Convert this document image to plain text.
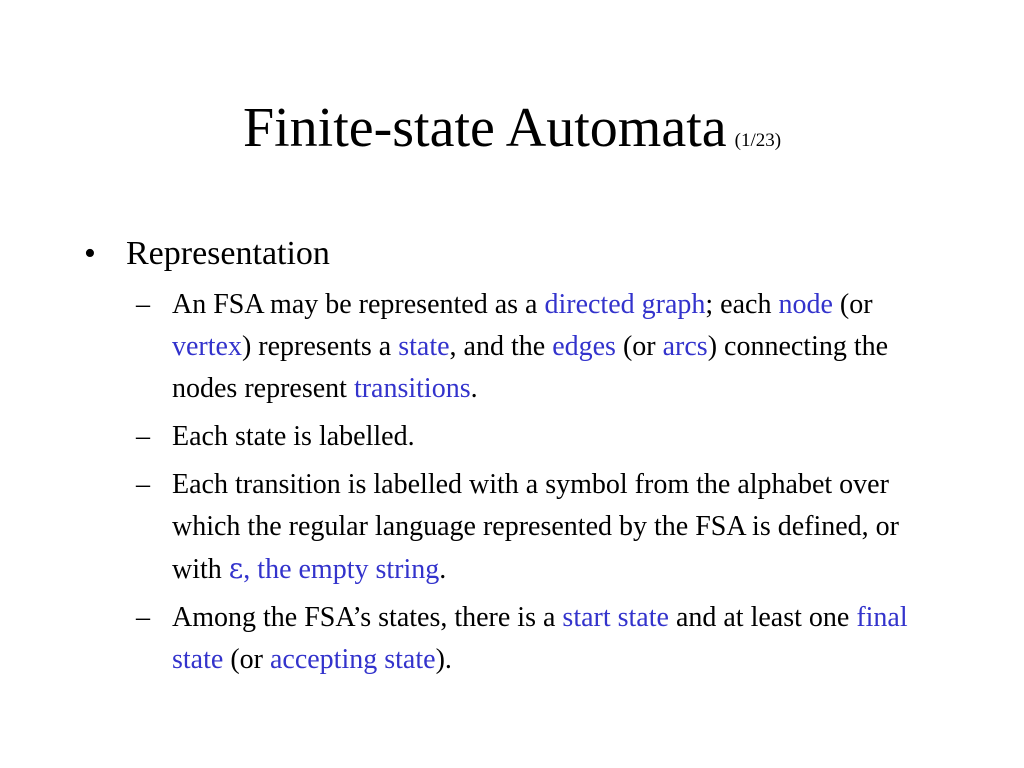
Finite-state Automata (1/23)

• Representation

– An FSA may be represented as a directed graph; each node (or vertex) represents a state, and the edges (or arcs) connecting the nodes represent transitions.

– Each state is labelled.

– Each transition is labelled with a symbol from the alphabet over which the regular language represented by the FSA is defined, or with ε, the empty string.

– Among the FSA’s states, there is a start state and at least one final state (or accepting state).
